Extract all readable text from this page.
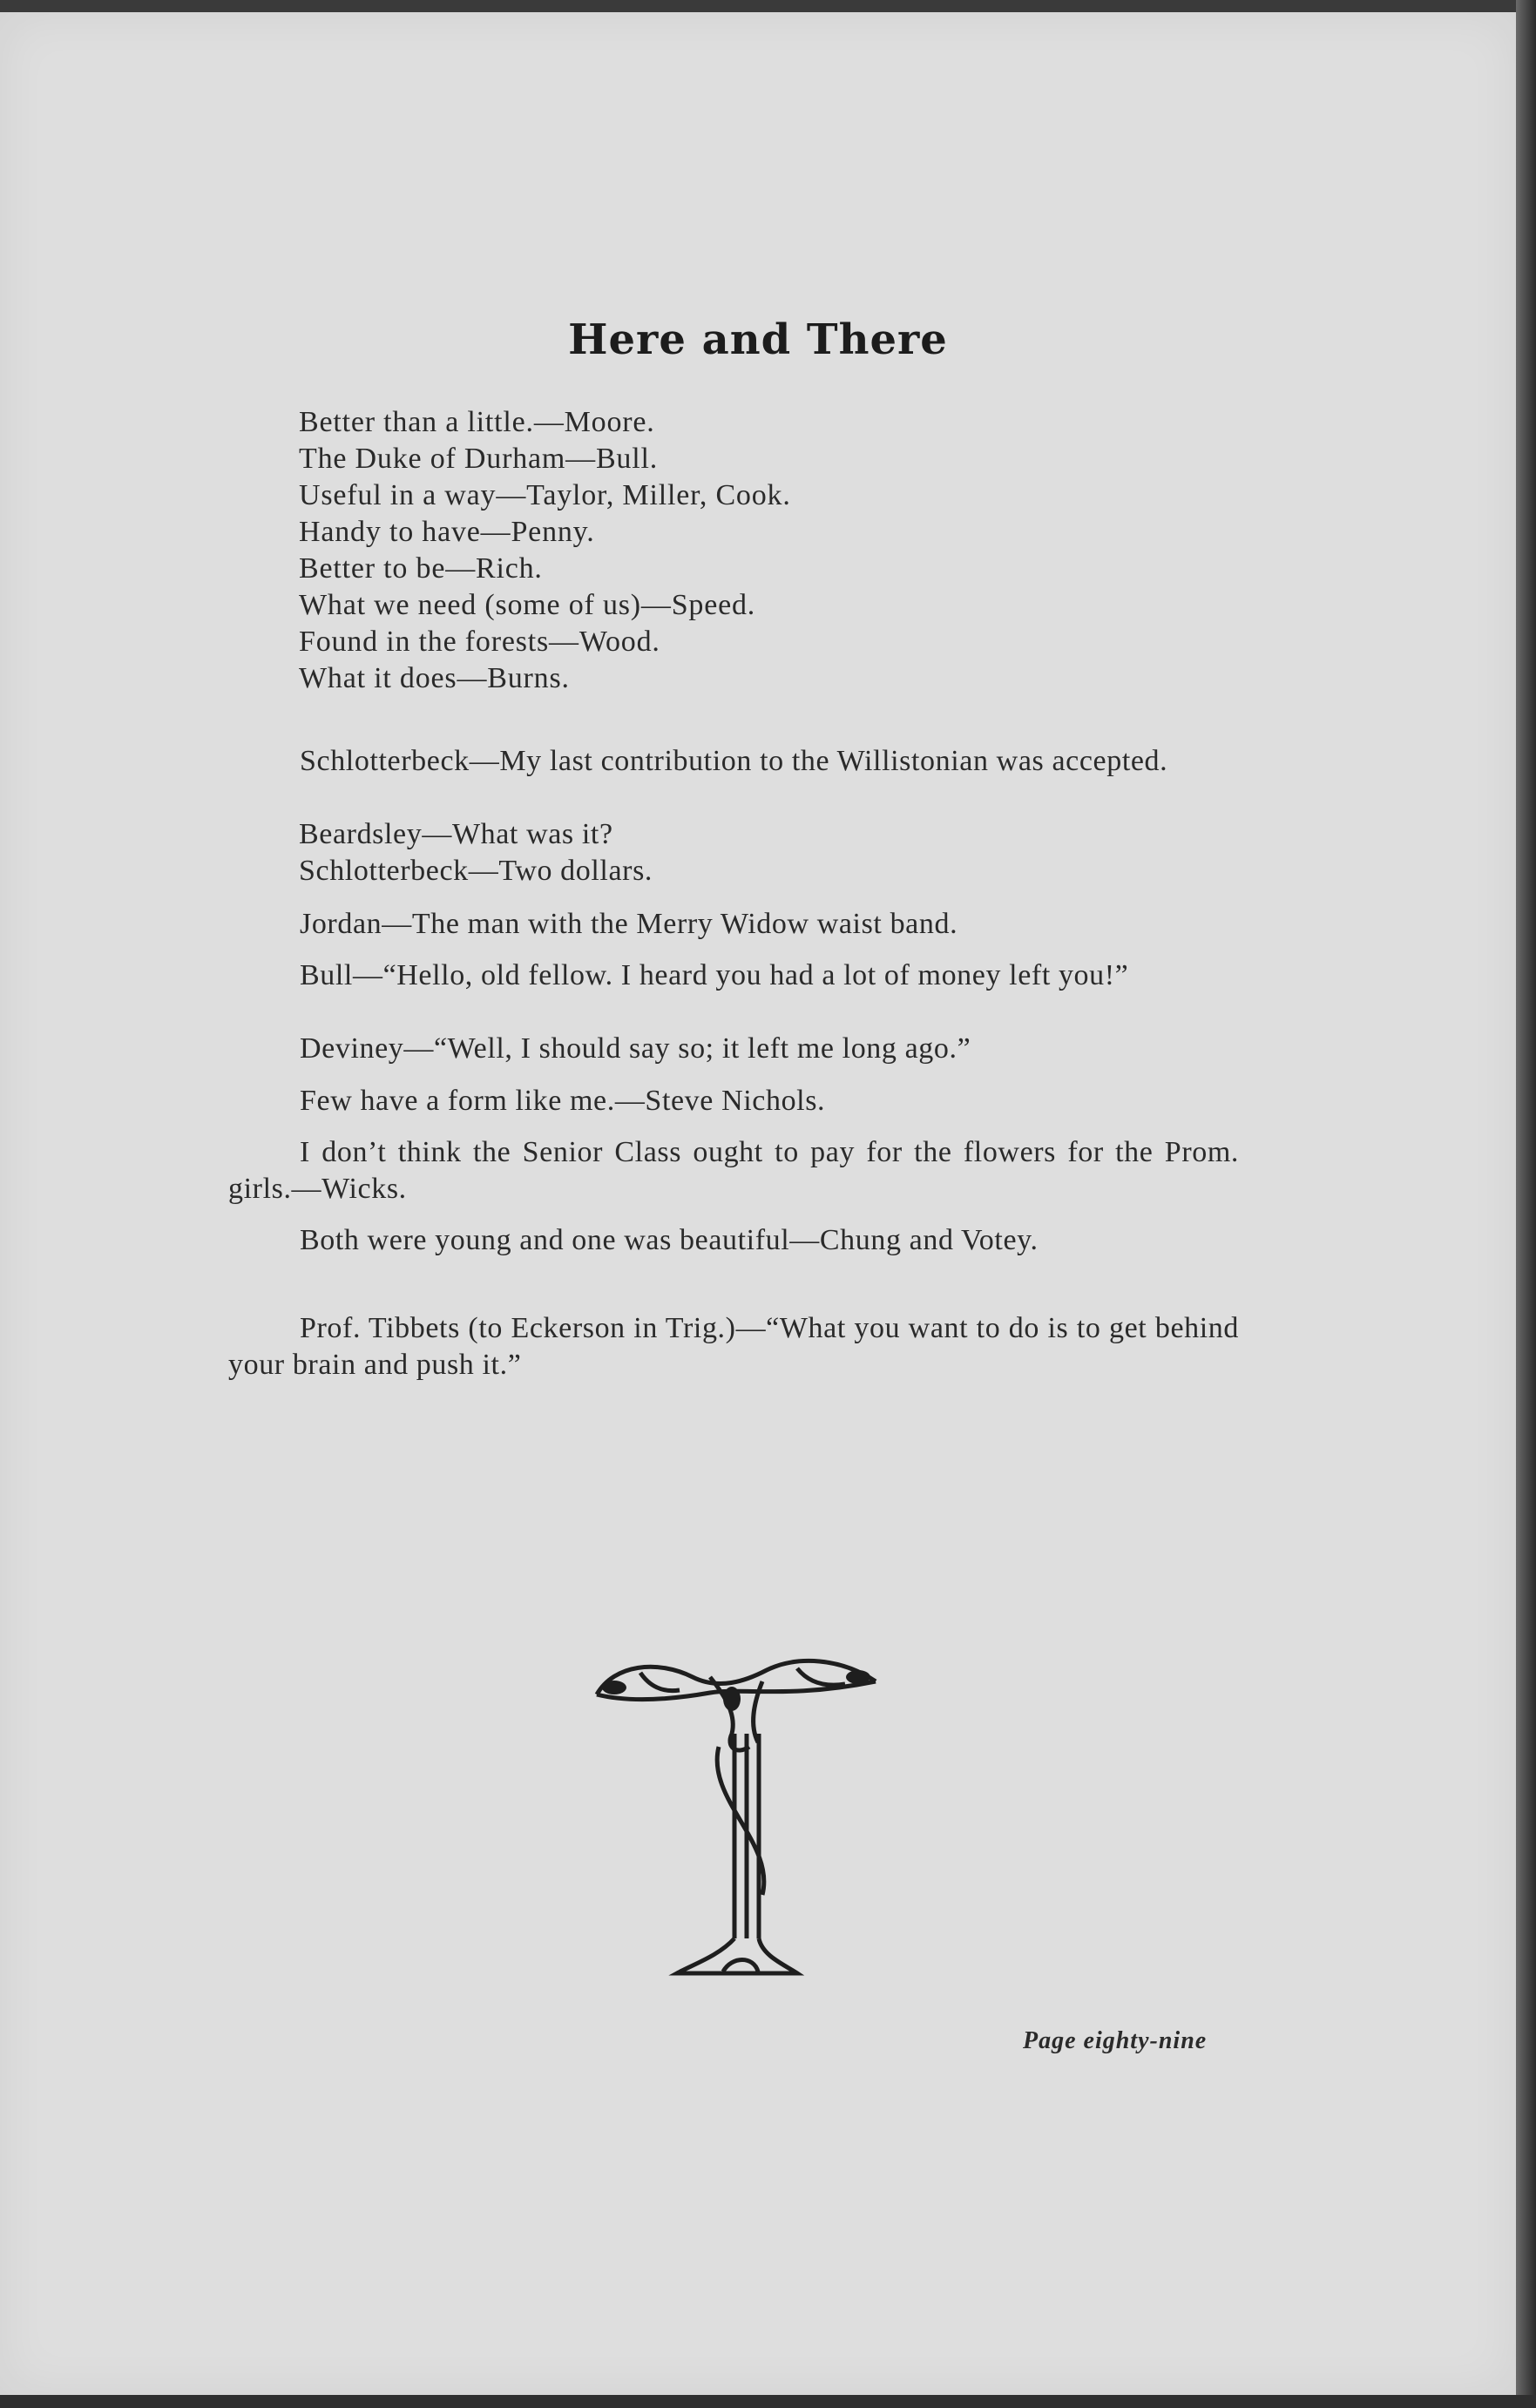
Here and There
Better than a little.—Moore.
The Duke of Durham—Bull.
Useful in a way—Taylor, Miller, Cook.
Handy to have—Penny.
Better to be—Rich.
What we need (some of us)—Speed.
Found in the forests—Wood.
What it does—Burns.
Schlotterbeck—My last contribution to the Willistonian was accepted.
Beardsley—What was it?
Schlotterbeck—Two dollars.
Jordan—The man with the Merry Widow waist band.
Bull—“Hello, old fellow. I heard you had a lot of money left you!”
Deviney—“Well, I should say so; it left me long ago.”
Few have a form like me.—Steve Nichols.
I don’t think the Senior Class ought to pay for the flowers for the Prom. girls.—Wicks.
Both were young and one was beautiful—Chung and Votey.
Prof. Tibbets (to Eckerson in Trig.)—“What you want to do is to get behind your brain and push it.”
Page eighty-nine
